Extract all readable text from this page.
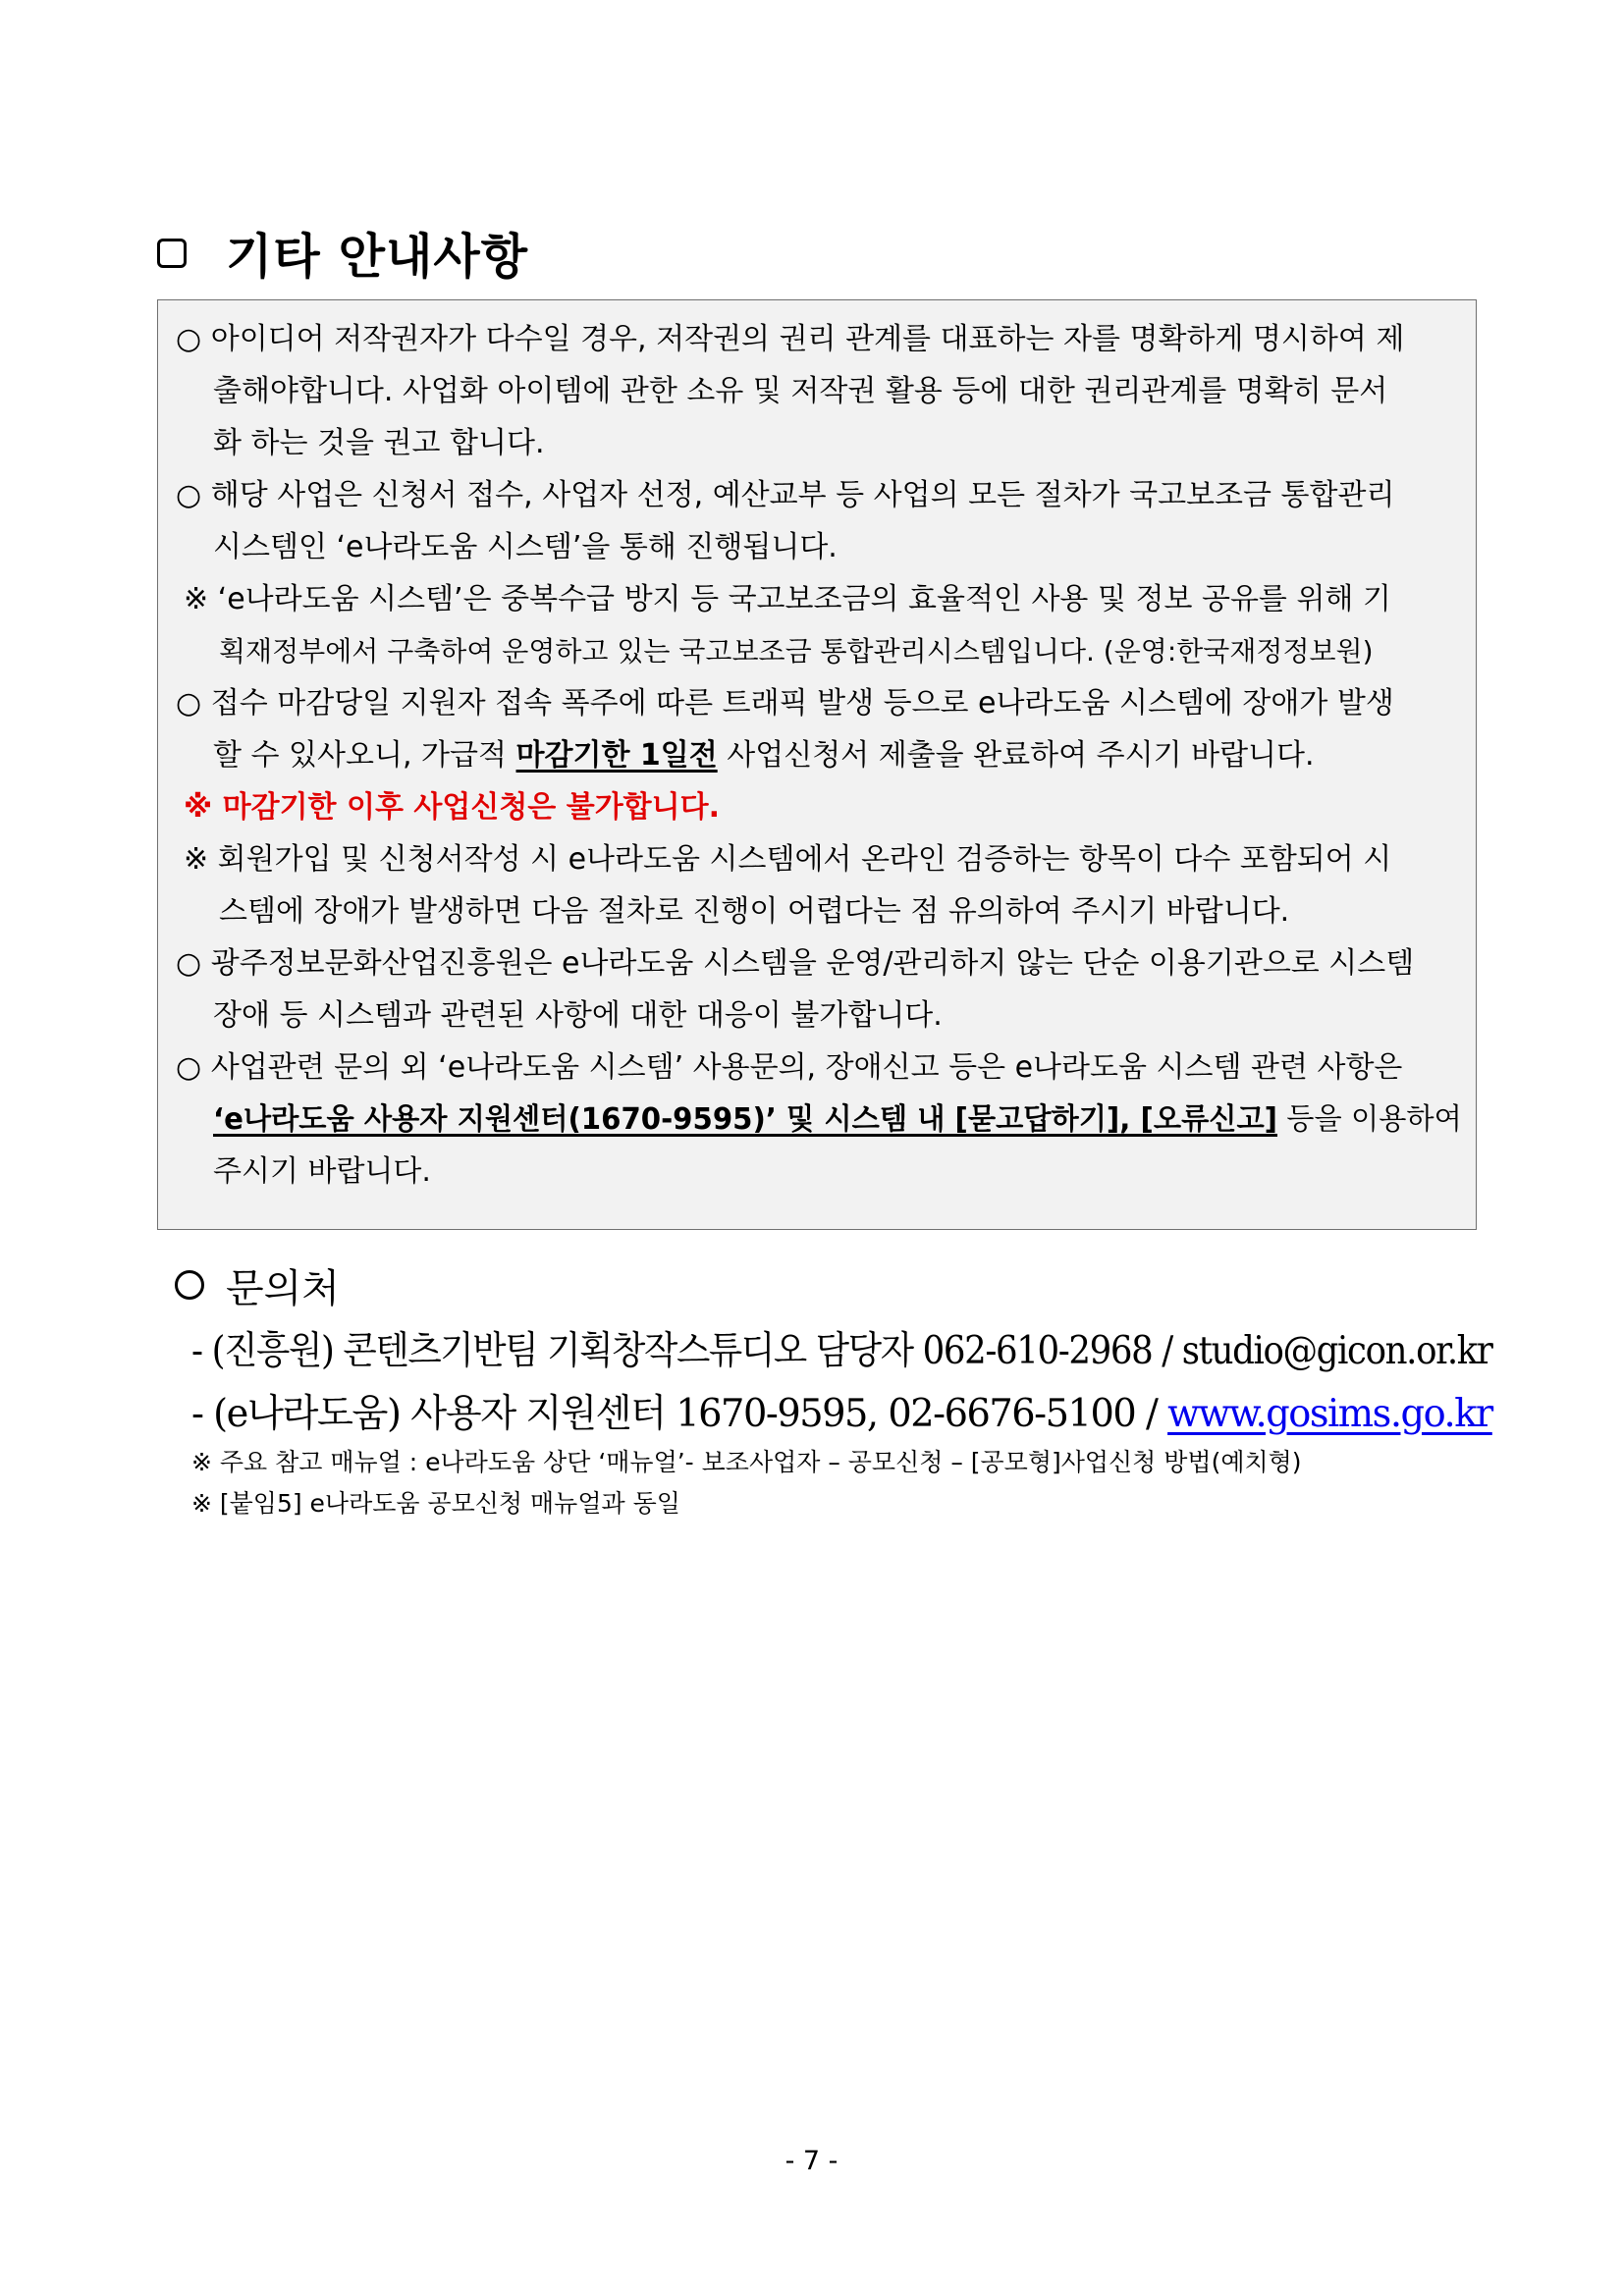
기타 안내사항
○ 아이디어 저작권자가 다수일 경우, 저작권의 권리 관계를 대표하는 자를 명확하게 명시하여 제
출해야합니다. 사업화 아이템에 관한 소유 및 저작권 활용 등에 대한 권리관계를 명확히 문서
화 하는 것을 권고 합니다.
○ 해당 사업은 신청서 접수, 사업자 선정, 예산교부 등 사업의 모든 절차가 국고보조금 통합관리
시스템인 ‘e나라도움 시스템’을 통해 진행됩니다.
※ ‘e나라도움 시스템’은 중복수급 방지 등 국고보조금의 효율적인 사용 및 정보 공유를 위해 기
획재정부에서 구축하여 운영하고 있는 국고보조금 통합관리시스템입니다. (운영:한국재정정보원)
○ 접수 마감당일 지원자 접속 폭주에 따른 트래픽 발생 등으로 e나라도움 시스템에 장애가 발생
할 수 있사오니, 가급적 마감기한 1일전 사업신청서 제출을 완료하여 주시기 바랍니다.
※ 마감기한 이후 사업신청은 불가합니다.
※ 회원가입 및 신청서작성 시 e나라도움 시스템에서 온라인 검증하는 항목이 다수 포함되어 시
스템에 장애가 발생하면 다음 절차로 진행이 어렵다는 점 유의하여 주시기 바랍니다.
○ 광주정보문화산업진흥원은 e나라도움 시스템을 운영/관리하지 않는 단순 이용기관으로 시스템
장애 등 시스템과 관련된 사항에 대한 대응이 불가합니다.
○ 사업관련 문의 외 ‘e나라도움 시스템’ 사용문의, 장애신고 등은 e나라도움 시스템 관련 사항은
‘e나라도움 사용자 지원센터(1670-9595)’ 및 시스템 내 [묻고답하기], [오류신고] 등을 이용하여
주시기 바랍니다.
문의처
- (진흥원) 콘텐츠기반팀 기획창작스튜디오 담당자 062-610-2968 / studio@gicon.or.kr
- (e나라도움) 사용자 지원센터 1670-9595, 02-6676-5100 / www.gosims.go.kr
※ 주요 참고 매뉴얼 : e나라도움 상단 ‘매뉴얼’- 보조사업자 – 공모신청 – [공모형]사업신청 방법(예치형)
※ [붙임5] e나라도움 공모신청 매뉴얼과 동일
- 7 -
